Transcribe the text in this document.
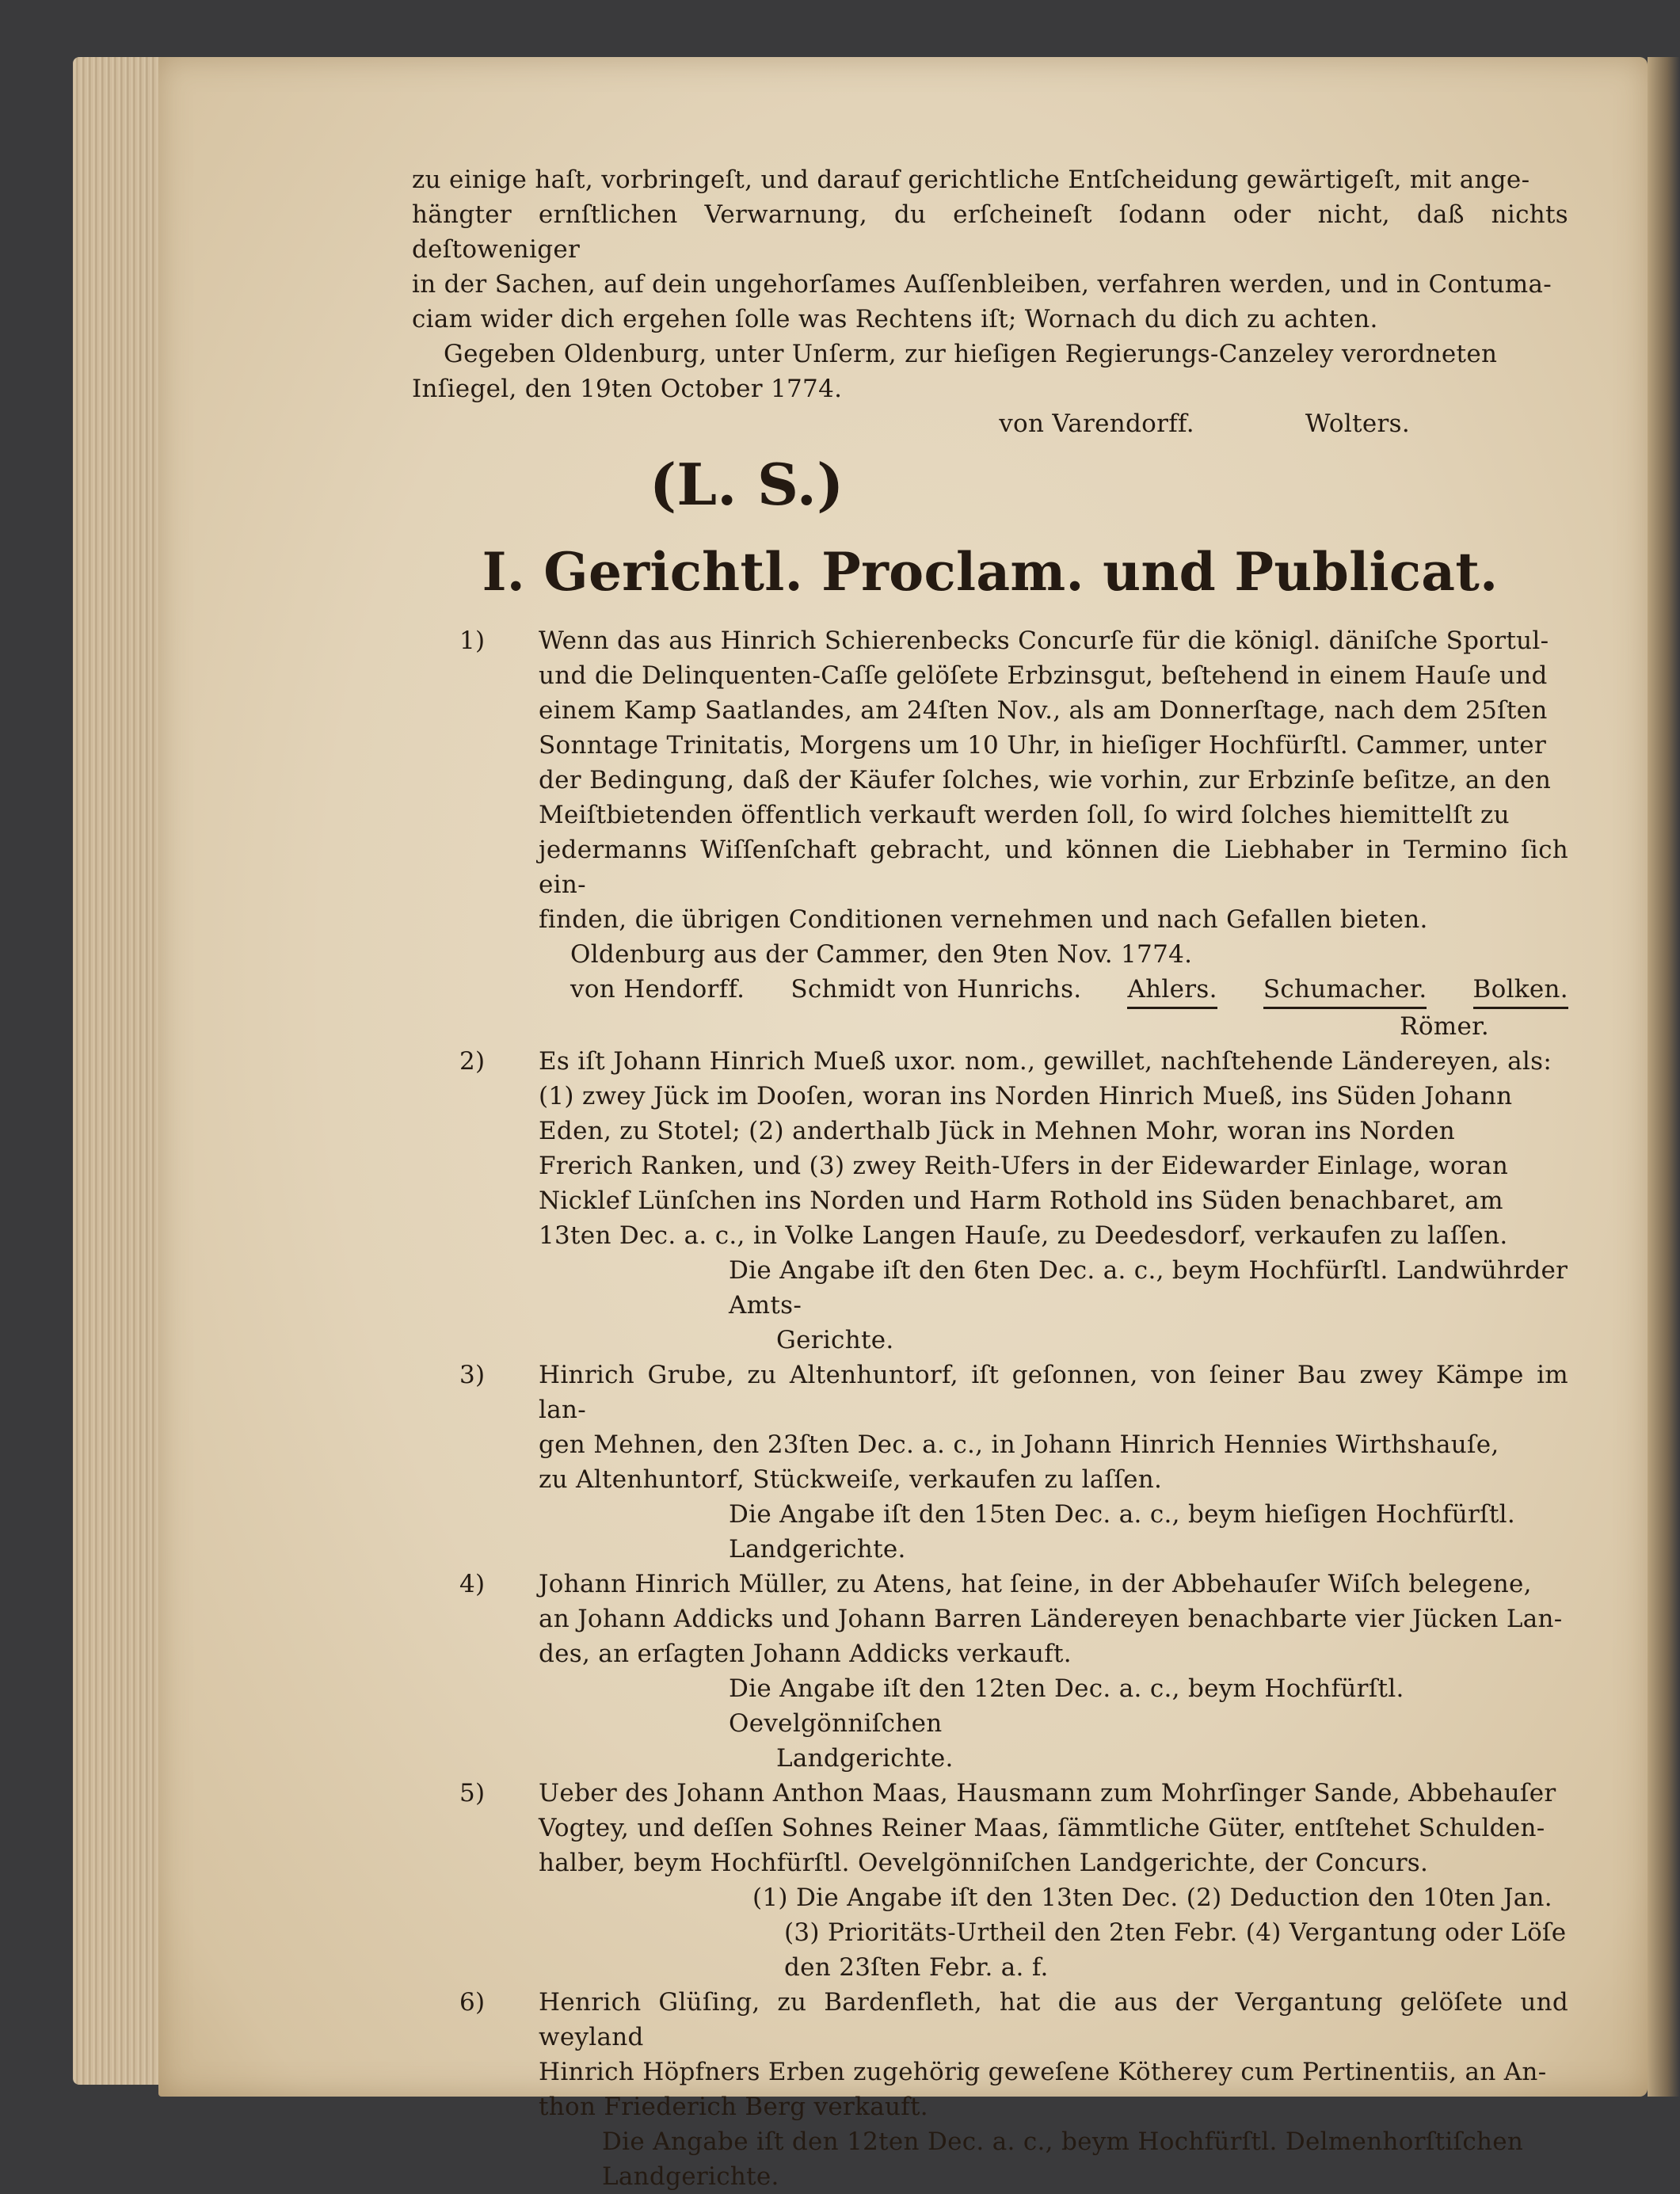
zu einige haſt, vorbringeſt, und darauf gerichtliche Entſcheidung gewärtigeſt, mit ange-
hängter ernſtlichen Verwarnung, du erſcheineſt ſodann oder nicht, daß nichts deſtoweniger
in der Sachen, auf dein ungehorſames Auſſenbleiben, verfahren werden, und in Contuma-
ciam wider dich ergehen ſolle was Rechtens iſt; Wornach du dich zu achten.
Gegeben Oldenburg, unter Unſerm, zur hieſigen Regierungs-Canzeley verordneten
Inſiegel, den 19ten October 1774.

von Varendorff.	Wolters.
(L. S.)
I. Gerichtl. Proclam. und Publicat.
1) Wenn das aus Hinrich Schierenbecks Concurſe für die königl. däniſche Sportul-
und die Delinquenten-Caſſe gelöſete Erbzinsgut, beſtehend in einem Hauſe und
einem Kamp Saatlandes, am 24ſten Nov., als am Donnerſtage, nach dem 25ſten
Sonntage Trinitatis, Morgens um 10 Uhr, in hieſiger Hochfürſtl. Cammer, unter
der Bedingung, daß der Käufer ſolches, wie vorhin, zur Erbzinſe beſitze, an den
Meiſtbietenden öffentlich verkauft werden ſoll, ſo wird ſolches hiemittelſt zu
jedermanns Wiſſenſchaft gebracht, und können die Liebhaber in Termino ſich ein-
finden, die übrigen Conditionen vernehmen und nach Gefallen bieten.
Oldenburg aus der Cammer, den 9ten Nov. 1774.
von Hendorff. Schmidt von Hunrichs. Ahlers. Schumacher. Bolken.
Römer.
2) Es iſt Johann Hinrich Mueß uxor. nom., gewillet, nachſtehende Ländereyen, als:
(1) zwey Jück im Dooſen, woran ins Norden Hinrich Mueß, ins Süden Johann
Eden, zu Stotel; (2) anderthalb Jück in Mehnen Mohr, woran ins Norden
Frerich Ranken, und (3) zwey Reith-Ufers in der Eidewarder Einlage, woran
Nicklef Lünſchen ins Norden und Harm Rothold ins Süden benachbaret, am
13ten Dec. a. c., in Volke Langen Hauſe, zu Deedesdorf, verkaufen zu laſſen.
Die Angabe iſt den 6ten Dec. a. c., beym Hochfürſtl. Landwührder Amts-
Gerichte.
3) Hinrich Grube, zu Altenhuntorf, iſt geſonnen, von ſeiner Bau zwey Kämpe im lan-
gen Mehnen, den 23ſten Dec. a. c., in Johann Hinrich Hennies Wirthshauſe,
zu Altenhuntorf, Stückweiſe, verkaufen zu laſſen.
Die Angabe iſt den 15ten Dec. a. c., beym hieſigen Hochfürſtl. Landgerichte.
4) Johann Hinrich Müller, zu Atens, hat ſeine, in der Abbehauſer Wiſch belegene,
an Johann Addicks und Johann Barren Ländereyen benachbarte vier Jücken Lan-
des, an erſagten Johann Addicks verkauft.
Die Angabe iſt den 12ten Dec. a. c., beym Hochfürſtl. Oevelgönniſchen
Landgerichte.
5) Ueber des Johann Anthon Maas, Hausmann zum Mohrſinger Sande, Abbehauſer
Vogtey, und deſſen Sohnes Reiner Maas, ſämmtliche Güter, entſtehet Schulden-
halber, beym Hochfürſtl. Oevelgönniſchen Landgerichte, der Concurs.
(1) Die Angabe iſt den 13ten Dec. (2) Deduction den 10ten Jan.
(3) Prioritäts-Urtheil den 2ten Febr. (4) Vergantung oder Löſe
den 23ſten Febr. a. f.
6) Henrich Glüſing, zu Bardenfleth, hat die aus der Vergantung gelöſete und weyland
Hinrich Höpfners Erben zugehörig geweſene Kötherey cum Pertinentiis, an An-
thon Friederich Berg verkauft.
Die Angabe iſt den 12ten Dec. a. c., beym Hochfürſtl. Delmenhorſtiſchen
Landgerichte.
